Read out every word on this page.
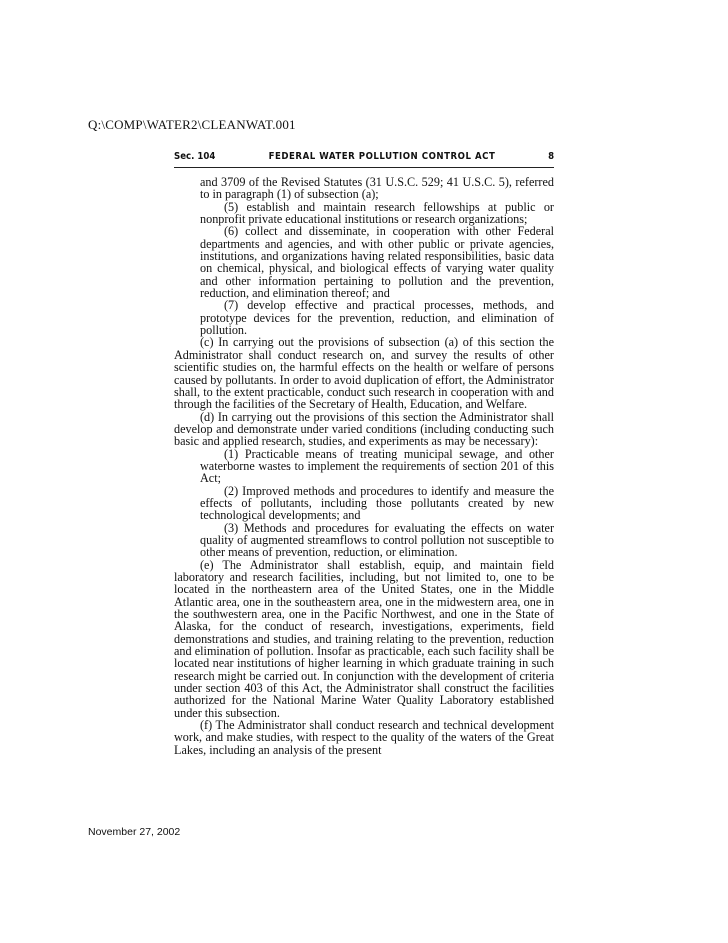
Q:\COMP\WATER2\CLEANWAT.001
Sec. 104	FEDERAL WATER POLLUTION CONTROL ACT	8

and 3709 of the Revised Statutes (31 U.S.C. 529; 41 U.S.C. 5), referred to in paragraph (1) of subsection (a);

(5) establish and maintain research fellowships at public or nonprofit private educational institutions or research organizations;

(6) collect and disseminate, in cooperation with other Federal departments and agencies, and with other public or private agencies, institutions, and organizations having related responsibilities, basic data on chemical, physical, and biological effects of varying water quality and other information pertaining to pollution and the prevention, reduction, and elimination thereof; and

(7) develop effective and practical processes, methods, and prototype devices for the prevention, reduction, and elimination of pollution.

(c) In carrying out the provisions of subsection (a) of this section the Administrator shall conduct research on, and survey the results of other scientific studies on, the harmful effects on the health or welfare of persons caused by pollutants. In order to avoid duplication of effort, the Administrator shall, to the extent practicable, conduct such research in cooperation with and through the facilities of the Secretary of Health, Education, and Welfare.

(d) In carrying out the provisions of this section the Administrator shall develop and demonstrate under varied conditions (including conducting such basic and applied research, studies, and experiments as may be necessary):

(1) Practicable means of treating municipal sewage, and other waterborne wastes to implement the requirements of section 201 of this Act;

(2) Improved methods and procedures to identify and measure the effects of pollutants, including those pollutants created by new technological developments; and

(3) Methods and procedures for evaluating the effects on water quality of augmented streamflows to control pollution not susceptible to other means of prevention, reduction, or elimination.

(e) The Administrator shall establish, equip, and maintain field laboratory and research facilities, including, but not limited to, one to be located in the northeastern area of the United States, one in the Middle Atlantic area, one in the southeastern area, one in the midwestern area, one in the southwestern area, one in the Pacific Northwest, and one in the State of Alaska, for the conduct of research, investigations, experiments, field demonstrations and studies, and training relating to the prevention, reduction and elimination of pollution. Insofar as practicable, each such facility shall be located near institutions of higher learning in which graduate training in such research might be carried out. In conjunction with the development of criteria under section 403 of this Act, the Administrator shall construct the facilities authorized for the National Marine Water Quality Laboratory established under this subsection.

(f) The Administrator shall conduct research and technical development work, and make studies, with respect to the quality of the waters of the Great Lakes, including an analysis of the present

November 27, 2002
